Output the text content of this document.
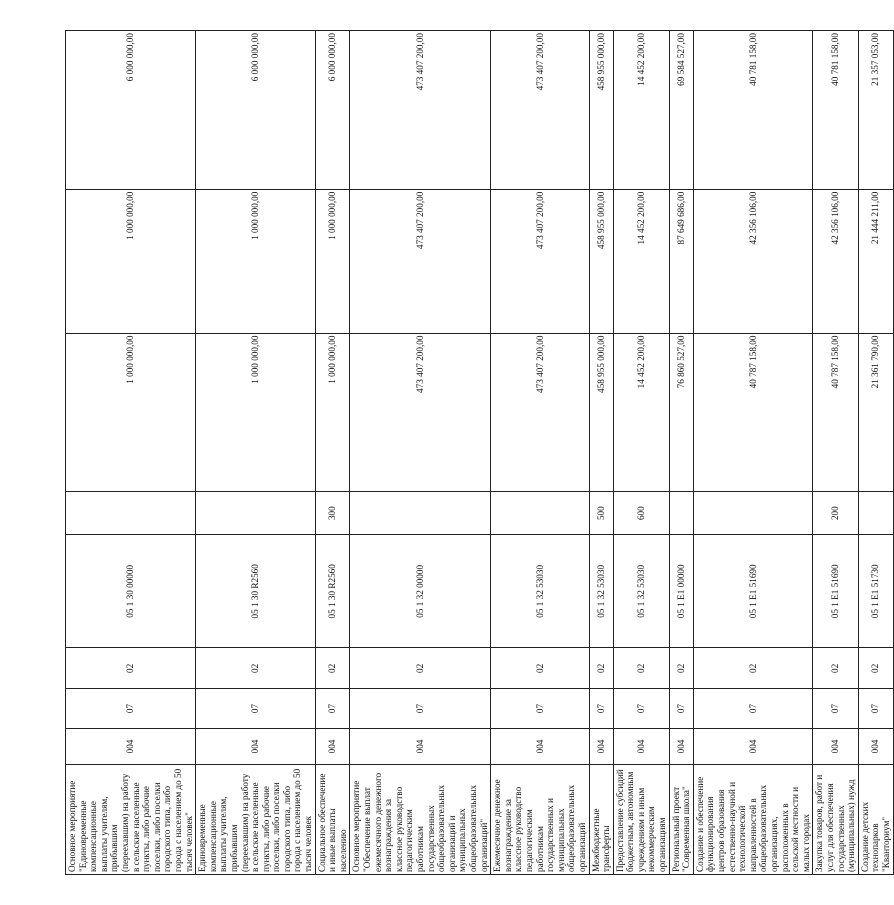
Основное мероприятие "Единовременные компенсационные выплаты учителям, прибывшим (переехавшим) на работу в сельские населенные пункты, либо рабочие поселки, либо поселки городского типа, либо города с населением до 50 тысяч человек"	004	07	02	05 1 30 00000		1 000 000,00	1 000 000,00	6 000 000,00
Единовременные компенсационные выплаты учителям, прибывшим (переехавшим) на работу в сельские населенные пункты, либо рабочие поселки, либо поселки городского типа, либо города с населением до 50 тысяч человек	004	07	02	05 1 30 R2560		1 000 000,00	1 000 000,00	6 000 000,00
Социальное обеспечение и иные выплаты населению	004	07	02	05 1 30 R2560	300	1 000 000,00	1 000 000,00	6 000 000,00
Основное мероприятие "Обеспечение выплат ежемесячного денежного вознаграждения за классное руководство педагогическим работникам государственных общеобразовательных организаций и муниципальных общеобразовательных организаций"	004	07	02	05 1 32 00000		473 407 200,00	473 407 200,00	473 407 200,00
Ежемесячное денежное вознаграждение за классное руководство педагогическим работникам государственных и муниципальных общеобразовательных организаций	004	07	02	05 1 32 53030		473 407 200,00	473 407 200,00	473 407 200,00
Межбюджетные трансферты	004	07	02	05 1 32 53030	500	458 955 000,00	458 955 000,00	458 955 000,00
Предоставление субсидий бюджетным, автономным учреждениям и иным некоммерческим организациям	004	07	02	05 1 32 53030	600	14 452 200,00	14 452 200,00	14 452 200,00
Региональный проект "Современная школа"	004	07	02	05 1 E1 00000		76 860 527,00	87 649 686,00	69 584 527,00
Создание и обеспечение функционирования центров образования естественно-научной и технологической направленностей в общеобразовательных организациях, расположенных в сельской местности и малых городах	004	07	02	05 1 E1 51690		40 787 158,00	42 356 106,00	40 781 158,00
Закупка товаров, работ и услуг для обеспечения государственных (муниципальных) нужд	004	07	02	05 1 E1 51690	200	40 787 158,00	42 356 106,00	40 781 158,00
Создание детских технопарков "Кванториум"	004	07	02	05 1 E1 51730		21 361 790,00	21 444 211,00	21 357 053,00
